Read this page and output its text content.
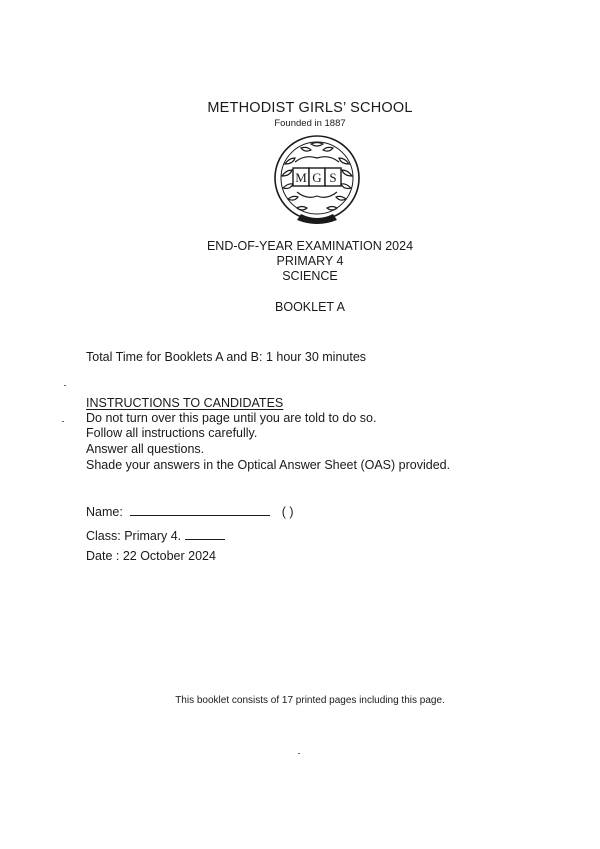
METHODIST GIRLS’ SCHOOL
Founded in 1887
M G S
END-OF-YEAR EXAMINATION 2024
PRIMARY 4
SCIENCE
BOOKLET A
Total Time for Booklets A and B: 1 hour 30 minutes
INSTRUCTIONS TO CANDIDATES
Do not turn over this page until you are told to do so.
Follow all instructions carefully.
Answer all questions.
Shade your answers in the Optical Answer Sheet (OAS) provided.
Name:	( )
Class: Primary 4.
Date : 22 October 2024
This booklet consists of 17 printed pages including this page.
